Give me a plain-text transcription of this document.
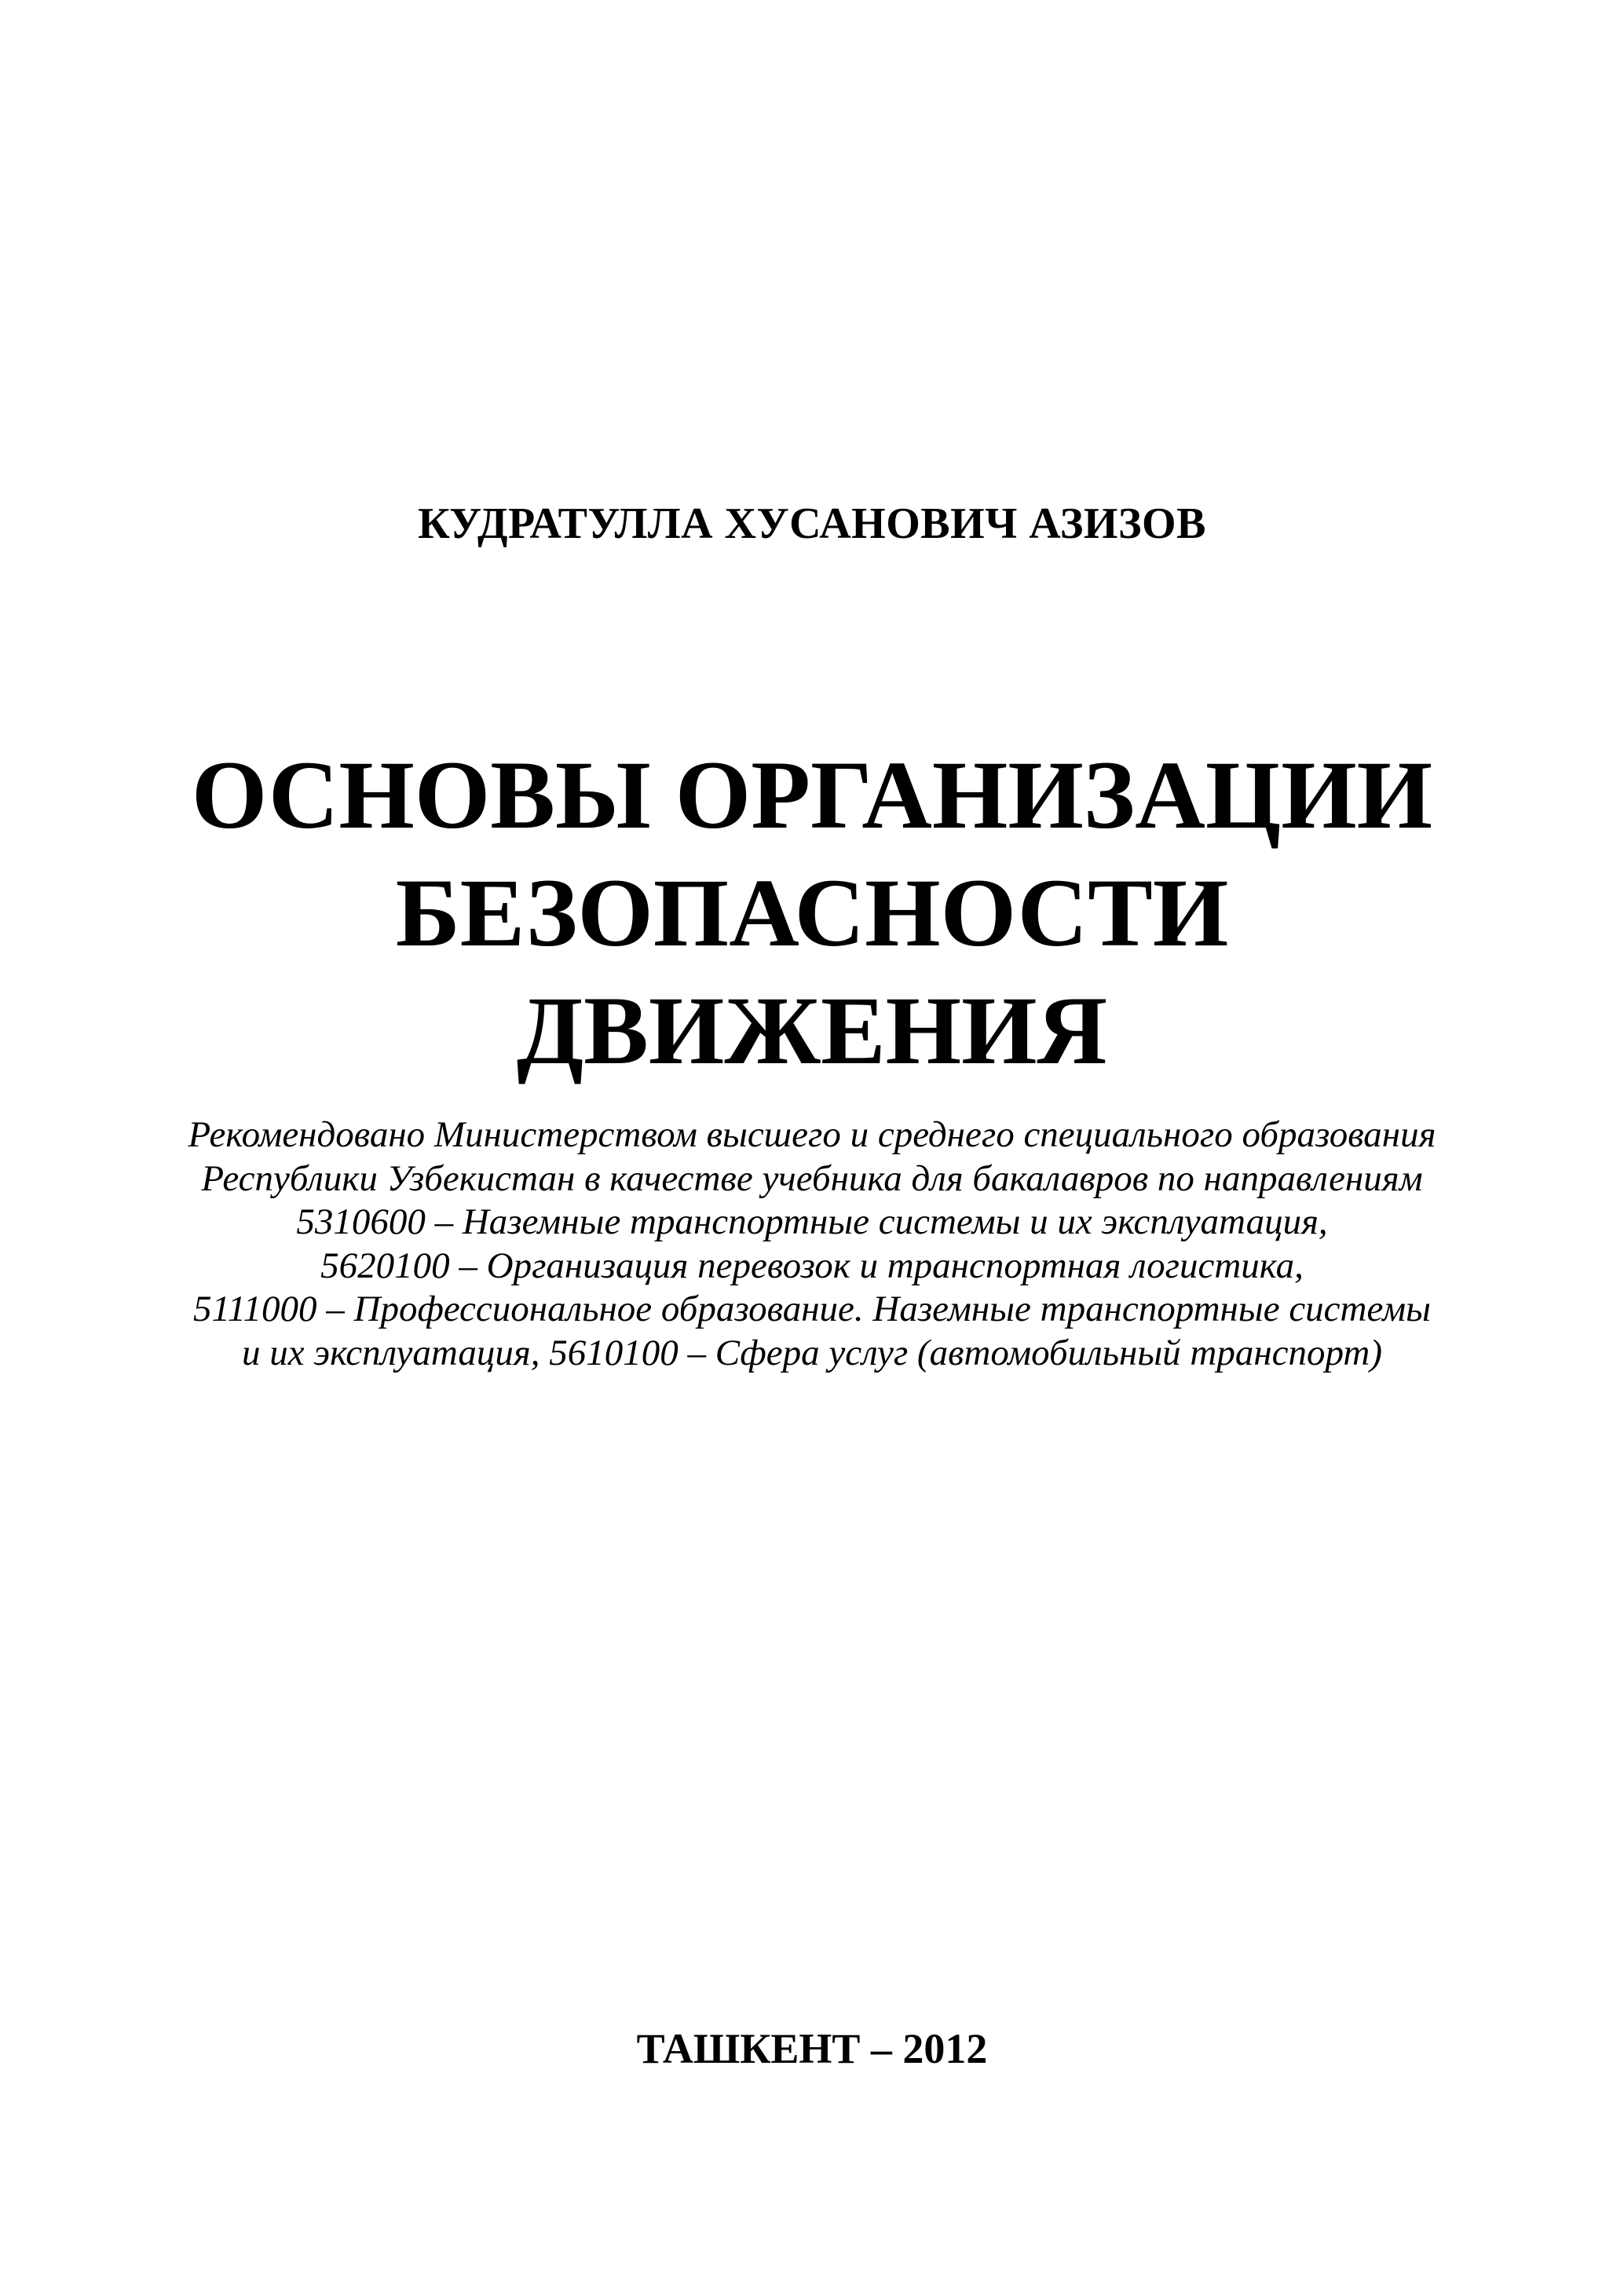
КУДРАТУЛЛА ХУСАНОВИЧ АЗИЗОВ
ОСНОВЫ ОРГАНИЗАЦИИ
БЕЗОПАСНОСТИ
ДВИЖЕНИЯ
Рекомендовано Министерством высшего и среднего специального образования
Республики Узбекистан в качестве учебника для бакалавров по направлениям
5310600 – Наземные транспортные системы и их эксплуатация,
5620100 – Организация перевозок и транспортная логистика,
5111000 – Профессиональное образование. Наземные транспортные системы
и их эксплуатация, 5610100 – Сфера услуг (автомобильный транспорт)
ТАШКЕНТ – 2012
